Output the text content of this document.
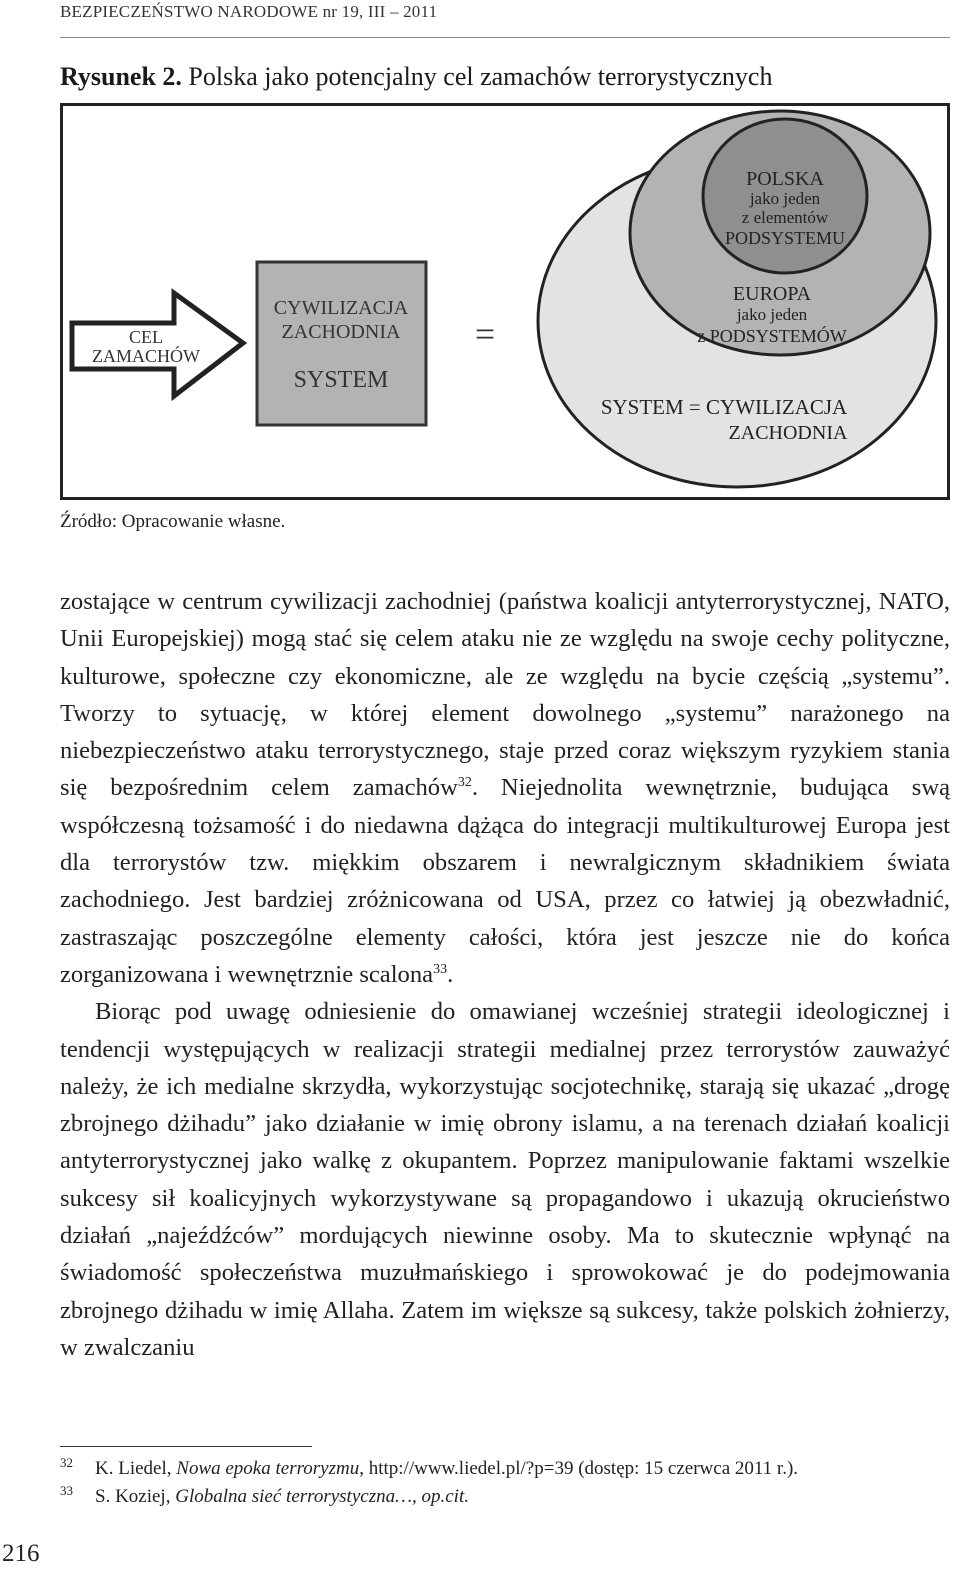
BEZPIECZEŃSTWO NARODOWE nr 19, III – 2011
Rysunek 2. Polska jako potencjalny cel zamachów terrorystycznych
CEL
ZAMACHÓW
CYWILIZACJA
ZACHODNIA
SYSTEM
=
POLSKA
jako jeden
z elementów
PODSYSTEMU
EUROPA
jako jeden
z PODSYSTEMÓW
SYSTEM = CYWILIZACJA
ZACHODNIA
Źródło: Opracowanie własne.

zostające w centrum cywilizacji zachodniej (państwa koalicji antyterrorystycznej, NATO, Unii Europejskiej) mogą stać się celem ataku nie ze względu na swoje cechy polityczne, kulturowe, społeczne czy ekonomiczne, ale ze względu na bycie częścią „systemu”. Tworzy to sytuację, w której element dowolnego „systemu” narażonego na niebezpieczeństwo ataku terrorystycznego, staje przed coraz większym ryzykiem stania się bezpośrednim celem zamachów$^{32}$. Niejednolita wewnętrznie, budująca swą współczesną tożsamość i do niedawna dążąca do integracji multikulturowej Europa jest dla terrorystów tzw. miękkim obszarem i newralgicznym składnikiem świata zachodniego. Jest bardziej zróżnicowana od USA, przez co łatwiej ją obezwładnić, zastraszając poszczególne elementy całości, która jest jeszcze nie do końca zorganizowana i wewnętrznie scalona$^{33}$.

Biorąc pod uwagę odniesienie do omawianej wcześniej strategii ideologicznej i tendencji występujących w realizacji strategii medialnej przez terrorystów zauważyć należy, że ich medialne skrzydła, wykorzystując socjotechnikę, starają się ukazać „drogę zbrojnego dżihadu” jako działanie w imię obrony islamu, a na terenach działań koalicji antyterrorystycznej jako walkę z okupantem. Poprzez manipulowanie faktami wszelkie sukcesy sił koalicyjnych wykorzystywane są propagandowo i ukazują okrucieństwo działań „najeźdźców” mordujących niewinne osoby. Ma to skutecznie wpłynąć na świadomość społeczeństwa muzułmańskiego i sprowokować je do podejmowania zbrojnego dżihadu w imię Allaha. Zatem im większe są sukcesy, także polskich żołnierzy, w zwalczaniu

32 K. Liedel, Nowa epoka terroryzmu, http://www.liedel.pl/?p=39 (dostęp: 15 czerwca 2011 r.).
33 S. Koziej, Globalna sieć terrorystyczna…, op.cit.
216
